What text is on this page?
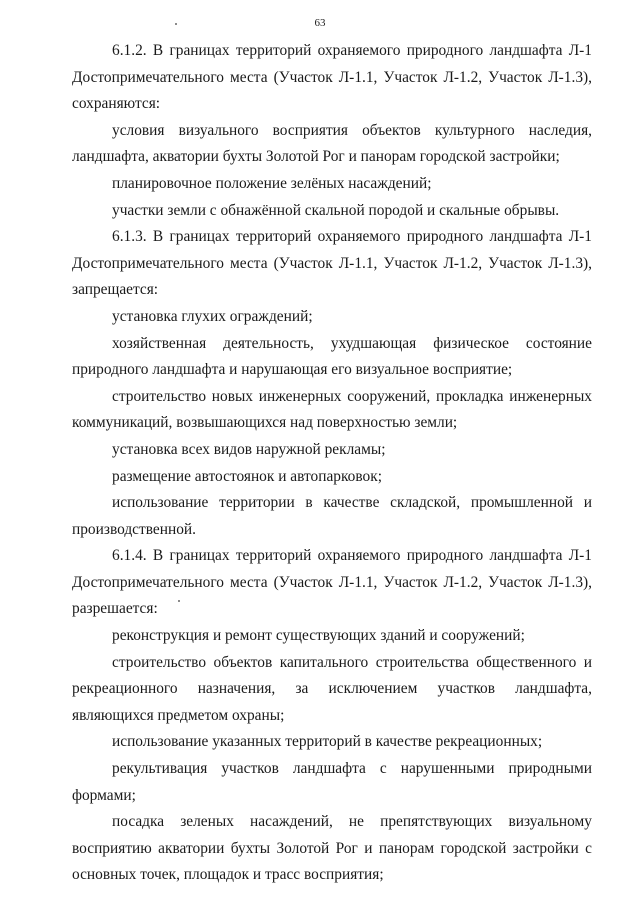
63

6.1.2. В границах территорий охраняемого природного ландшафта Л-1 Достопримечательного места (Участок Л-1.1, Участок Л-1.2, Участок Л-1.3), сохраняются:

условия визуального восприятия объектов культурного наследия, ландшафта, акватории бухты Золотой Рог и панорам городской застройки;

планировочное положение зелёных насаждений;

участки земли с обнажённой скальной породой и скальные обрывы.

6.1.3. В границах территорий охраняемого природного ландшафта Л-1 Достопримечательного места (Участок Л-1.1, Участок Л-1.2, Участок Л-1.3), запрещается:

установка глухих ограждений;

хозяйственная деятельность, ухудшающая физическое состояние природного ландшафта и нарушающая его визуальное восприятие;

строительство новых инженерных сооружений, прокладка инженерных коммуникаций, возвышающихся над поверхностью земли;

установка всех видов наружной рекламы;

размещение автостоянок и автопарковок;

использование территории в качестве складской, промышленной и производственной.

6.1.4. В границах территорий охраняемого природного ландшафта Л-1 Достопримечательного места (Участок Л-1.1, Участок Л-1.2, Участок Л-1.3), разрешается:

реконструкция и ремонт существующих зданий и сооружений;

строительство объектов капитального строительства общественного и рекреационного назначения, за исключением участков ландшафта, являющихся предметом охраны;

использование указанных территорий в качестве рекреационных;

рекультивация участков ландшафта с нарушенными природными формами;

посадка зеленых насаждений, не препятствующих визуальному восприятию акватории бухты Золотой Рог и панорам городской застройки с основных точек, площадок и трасс восприятия;
